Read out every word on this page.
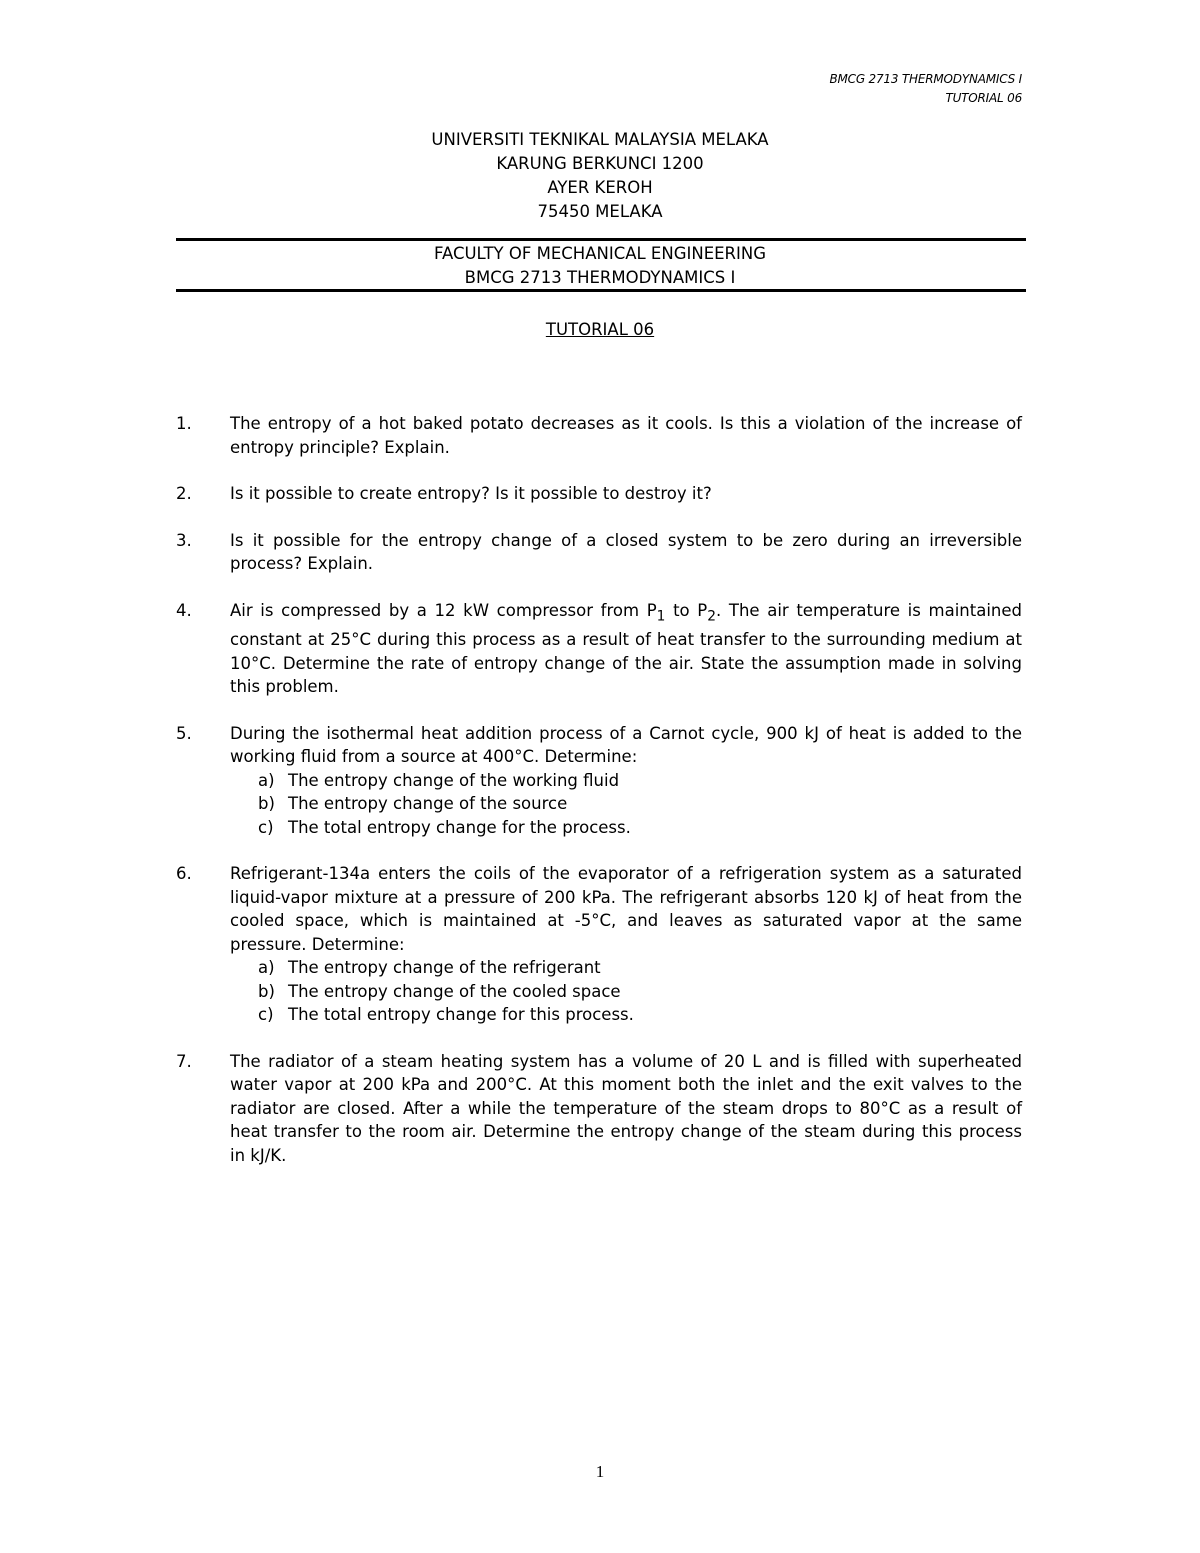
BMCG 2713 THERMODYNAMICS I
TUTORIAL 06
UNIVERSITI TEKNIKAL MALAYSIA MELAKA
KARUNG BERKUNCI 1200
AYER KEROH
75450 MELAKA
FACULTY OF MECHANICAL ENGINEERING
BMCG 2713 THERMODYNAMICS I
TUTORIAL 06
1.	The entropy of a hot baked potato decreases as it cools. Is this a violation of the increase of entropy principle? Explain.
2.	Is it possible to create entropy? Is it possible to destroy it?
3.	Is it possible for the entropy change of a closed system to be zero during an irreversible process? Explain.
4.	Air is compressed by a 12 kW compressor from $P_1$ to $P_2$. The air temperature is maintained constant at 25°C during this process as a result of heat transfer to the surrounding medium at 10°C. Determine the rate of entropy change of the air. State the assumption made in solving this problem.
5.	During the isothermal heat addition process of a Carnot cycle, 900 kJ of heat is added to the working fluid from a source at 400°C. Determine:
a) The entropy change of the working fluid
b) The entropy change of the source
c) The total entropy change for the process.
6.	Refrigerant-134a enters the coils of the evaporator of a refrigeration system as a saturated liquid-vapor mixture at a pressure of 200 kPa. The refrigerant absorbs 120 kJ of heat from the cooled space, which is maintained at -5°C, and leaves as saturated vapor at the same pressure. Determine:
a) The entropy change of the refrigerant
b) The entropy change of the cooled space
c) The total entropy change for this process.
7.	The radiator of a steam heating system has a volume of 20 L and is filled with superheated water vapor at 200 kPa and 200°C. At this moment both the inlet and the exit valves to the radiator are closed. After a while the temperature of the steam drops to 80°C as a result of heat transfer to the room air. Determine the entropy change of the steam during this process in kJ/K.
1
